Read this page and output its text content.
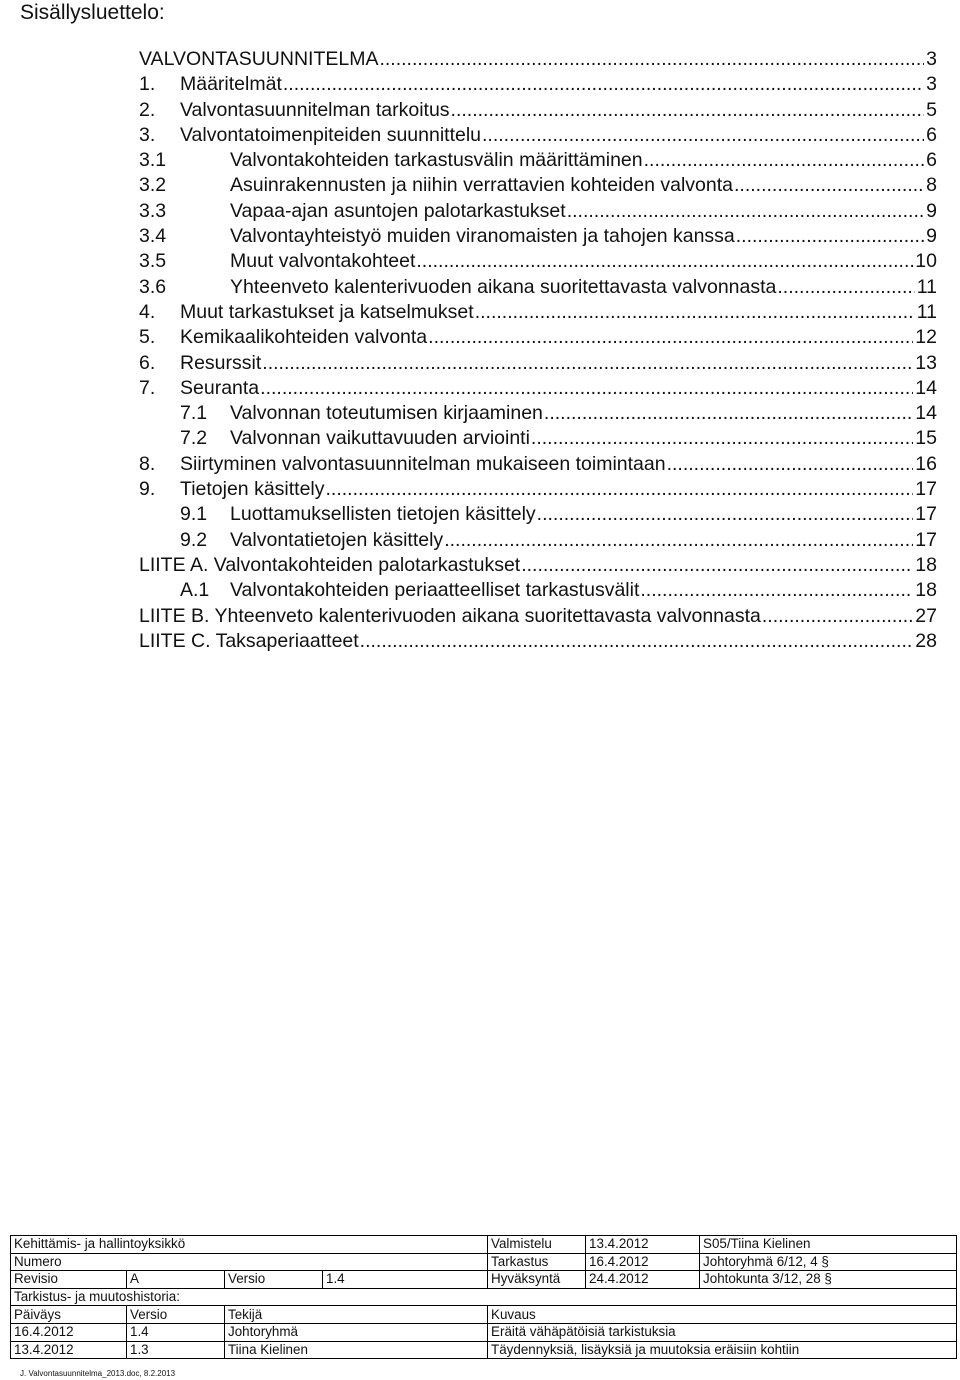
Sisällysluettelo:
VALVONTASUUNNITELMA .....	3
1.	Määritelmät .....	3
2.	Valvontasuunnitelman tarkoitus .....	5
3.	Valvontatoimenpiteiden suunnittelu .....	6
3.1	Valvontakohteiden tarkastusvälin määrittäminen .....	6
3.2	Asuinrakennusten ja niihin verrattavien kohteiden valvonta .....	8
3.3	Vapaa-ajan asuntojen palotarkastukset .....	9
3.4	Valvontayhteistyö muiden viranomaisten ja tahojen kanssa .....	9
3.5	Muut valvontakohteet .....	10
3.6	Yhteenveto kalenterivuoden aikana suoritettavasta valvonnasta .....	11
4.	Muut tarkastukset ja katselmukset .....	11
5.	Kemikaalikohteiden valvonta .....	12
6.	Resurssit .....	13
7.	Seuranta .....	14
7.1	Valvonnan toteutumisen kirjaaminen .....	14
7.2	Valvonnan vaikuttavuuden arviointi .....	15
8.	Siirtyminen valvontasuunnitelman mukaiseen toimintaan .....	16
9.	Tietojen käsittely .....	17
9.1	Luottamuksellisten tietojen käsittely .....	17
9.2	Valvontatietojen käsittely .....	17
LIITE A. Valvontakohteiden palotarkastukset .....	18
A.1	Valvontakohteiden periaatteelliset tarkastusvälit .....	18
LIITE B. Yhteenveto kalenterivuoden aikana suoritettavasta valvonnasta .....	27
LIITE C. Taksaperiaatteet .....	28
Kehittämis- ja hallintoyksikkö				Valmistelu	13.4.2012	S05/Tiina Kielinen
Numero				Tarkastus	16.4.2012	Johtoryhmä 6/12, 4 §
Revisio	A	Versio	1.4	Hyväksyntä	24.4.2012	Johtokunta 3/12, 28 §
Tarkistus- ja muutoshistoria:						
Päiväys	Versio	Tekijä		Kuvaus		
16.4.2012	1.4	Johtoryhmä		Eräitä vähäpätöisiä tarkistuksia		
13.4.2012	1.3	Tiina Kielinen		Täydennyksiä, lisäyksiä ja muutoksia eräisiin kohtiin		
J. Valvontasuunnitelma_2013.doc, 8.2.2013
